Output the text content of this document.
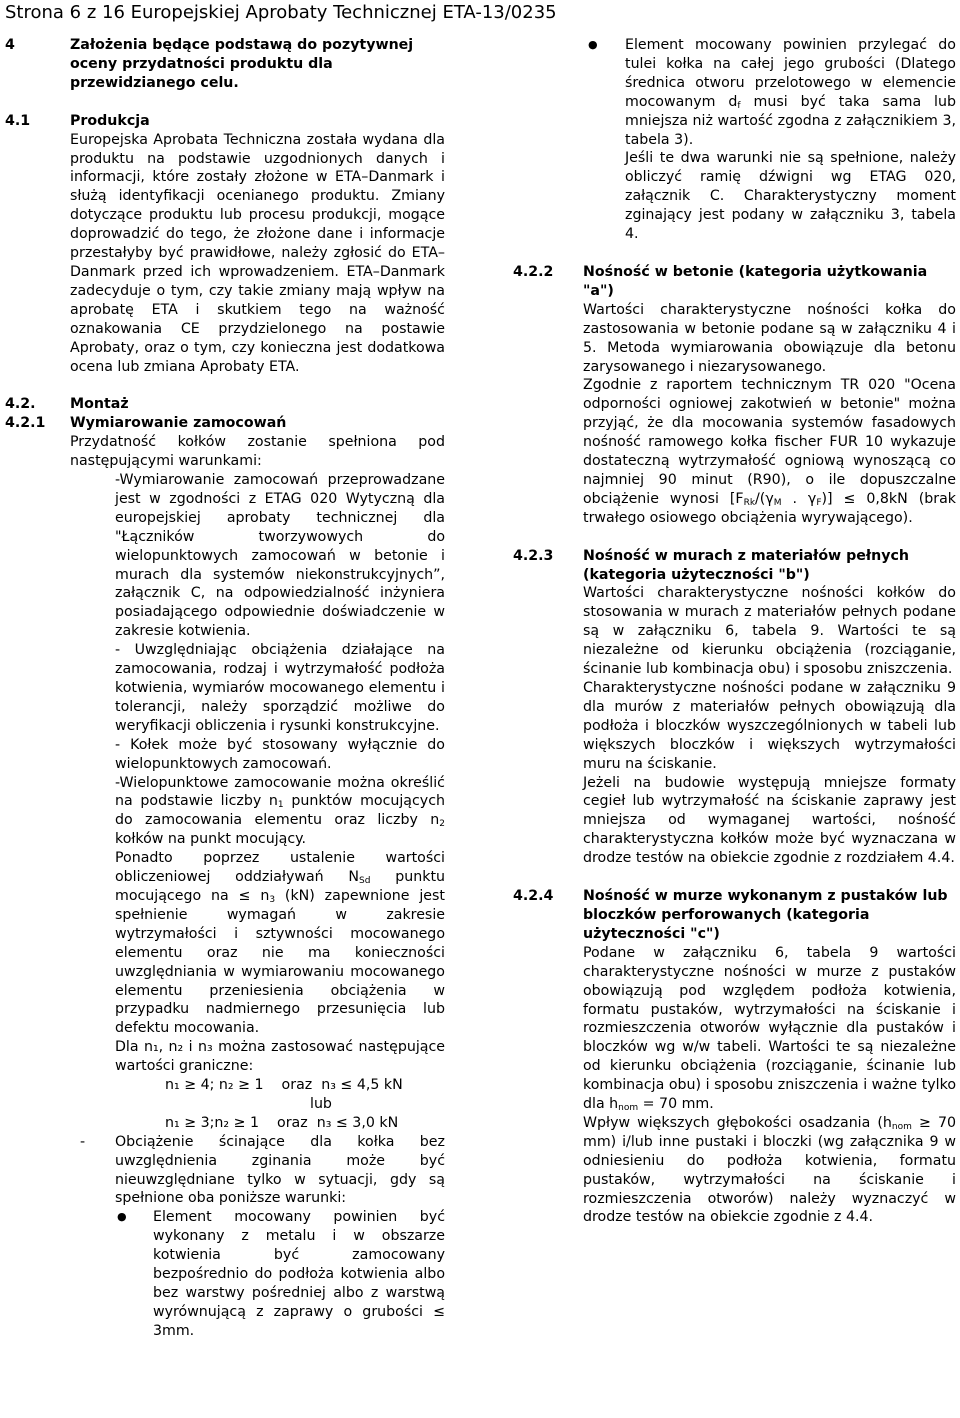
Strona 6 z 16 Europejskiej Aprobaty Technicznej ETA-13/0235
4	Założenia będące podstawą do pozytywnej oceny przydatności produktu dla przewidzianego celu.
4.1	Produkcja

Europejska Aprobata Techniczna została wydana dla produktu na podstawie uzgodnionych danych i informacji, które zostały złożone w ETA–Danmark i służą identyfikacji ocenianego produktu. Zmiany dotyczące produktu lub procesu produkcji, mogące doprowadzić do tego, że złożone dane i informacje przestałyby być prawidłowe, należy zgłosić do ETA–Danmark przed ich wprowadzeniem. ETA–Danmark zadecyduje o tym, czy takie zmiany mają wpływ na aprobatę ETA i skutkiem tego na ważność oznakowania CE przydzielonego na postawie Aprobaty, oraz o tym, czy konieczna jest dodatkowa ocena lub zmiana Aprobaty ETA.

4.2.	Montaż
4.2.1	Wymiarowanie zamocowań

Przydatność kołków zostanie spełniona pod następującymi warunkami:

-Wymiarowanie zamocowań przeprowadzane jest w zgodności z ETAG 020 Wytyczną dla europejskiej aprobaty technicznej dla "Łączników tworzywowych do wielopunktowych zamocowań w betonie i murach dla systemów niekonstrukcyjnych”, załącznik C, na odpowiedzialność inżyniera posiadającego odpowiednie doświadczenie w zakresie kotwienia.

- Uwzględniając obciążenia działające na zamocowania, rodzaj i wytrzymałość podłoża kotwienia, wymiarów mocowanego elementu i tolerancji, należy sporządzić możliwe do weryfikacji obliczenia i rysunki konstrukcyjne.

- Kołek może być stosowany wyłącznie do wielopunktowych zamocowań.

-Wielopunktowe zamocowanie można określić na podstawie liczby $n_1$ punktów mocujących do zamocowania elementu oraz liczby $n_2$ kołków na punkt mocujący.

Ponadto poprzez ustalenie wartości obliczeniowej oddziaływań $N_{Sd}$ punktu mocującego na ≤ $n_3$ (kN) zapewnione jest spełnienie wymagań w zakresie wytrzymałości i sztywności mocowanego elementu oraz nie ma konieczności uwzględniania w wymiarowaniu mocowanego elementu przeniesienia obciążenia w przypadku nadmiernego przesunięcia lub defektu mocowania.

Dla n₁, n₂ i n₃ można zastosować następujące wartości graniczne:

n₁ ≥ 4; n₂ ≥ 1    oraz  n₃ ≤ 4,5 kN

lub

n₁ ≥ 3;n₂ ≥ 1    oraz  n₃ ≤ 3,0 kN

- Obciążenie ścinające dla kołka bez uwzględnienia zginania może być nieuwzględniane tylko w sytuacji, gdy są spełnione oba poniższe warunki:

● Element mocowany powinien być wykonany z metalu i w obszarze kotwienia być zamocowany bezpośrednio do podłoża kotwienia albo bez warstwy pośredniej albo z warstwą wyrównującą z zaprawy o grubości ≤ 3mm.

● Element mocowany powinien przylegać do tulei kołka na całej jego grubości (Dlatego średnica otworu przelotowego w elemencie mocowanym $d_f$ musi być taka sama lub mniejsza niż wartość zgodna z załącznikiem 3, tabela 3).

Jeśli te dwa warunki nie są spełnione, należy obliczyć ramię dźwigni wg ETAG 020, załącznik C. Charakterystyczny moment zginający jest podany w załączniku 3, tabela 4.

4.2.2	Nośność w betonie (kategoria użytkowania "a")

Wartości charakterystyczne nośności kołka do zastosowania w betonie podane są w załączniku 4 i 5. Metoda wymiarowania obowiązuje dla betonu zarysowanego i niezarysowanego.

Zgodnie z raportem technicznym TR 020 "Ocena odporności ogniowej zakotwień w betonie" można przyjąć, że dla mocowania systemów fasadowych nośność ramowego kołka fischer FUR 10 wykazuje dostateczną wytrzymałość ogniową wynoszącą co najmniej 90 minut (R90), o ile dopuszczalne obciążenie wynosi [$F_{Rk}/(\gamma_M$ . $\gamma_F)] \le 0,8kN$ (brak trwałego osiowego obciążenia wyrywającego).

4.2.3	Nośność w murach z materiałów pełnych (kategoria użyteczności "b")

Wartości charakterystyczne nośności kołków do stosowania w murach z materiałów pełnych podane są w załączniku 6, tabela 9. Wartości te są niezależne od kierunku obciążenia (rozciąganie, ścinanie lub kombinacja obu) i sposobu zniszczenia.

Charakterystyczne nośności podane w załączniku 9 dla murów z materiałów pełnych obowiązują dla podłoża i bloczków wyszczególnionych w tabeli lub większych bloczków i większych wytrzymałości muru na ściskanie.

Jeżeli na budowie występują mniejsze formaty cegieł lub wytrzymałość na ściskanie zaprawy jest mniejsza od wymaganej wartości, nośność charakterystyczna kołków może być wyznaczana w drodze testów na obiekcie zgodnie z rozdziałem 4.4.

4.2.4	Nośność w murze wykonanym z pustaków lub bloczków perforowanych (kategoria użyteczności "c")

Podane w załączniku 6, tabela 9 wartości charakterystyczne nośności w murze z pustaków obowiązują pod względem podłoża kotwienia, formatu pustaków, wytrzymałości na ściskanie i rozmieszczenia otworów wyłącznie dla pustaków i bloczków wg w/w tabeli. Wartości te są niezależne od kierunku obciążenia (rozciąganie, ścinanie lub kombinacja obu) i sposobu zniszczenia i ważne tylko dla $h_{nom} = 70$ mm.

Wpływ większych głębokości osadzania ($h_{nom} \ge 70$ mm) i/lub inne pustaki i bloczki (wg załącznika 9 w odniesieniu do podłoża kotwienia, formatu pustaków, wytrzymałości na ściskanie i rozmieszczenia otworów) należy wyznaczyć w drodze testów na obiekcie zgodnie z 4.4.
